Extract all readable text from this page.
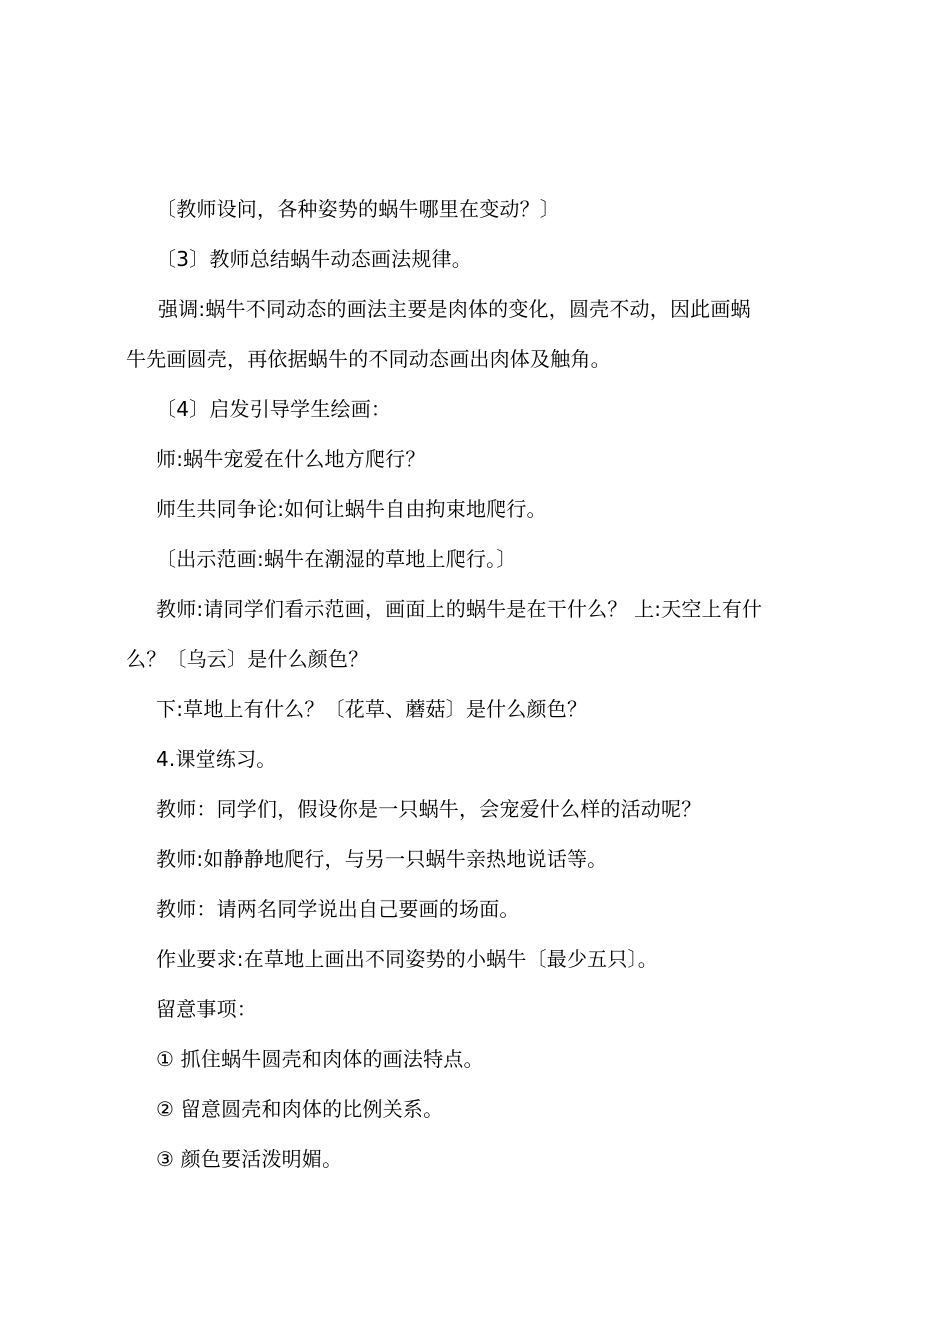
〔教师设问，各种姿势的蜗牛哪里在变动？〕
〔3〕教师总结蜗牛动态画法规律。
强调:蜗牛不同动态的画法主要是肉体的变化，圆壳不动，因此画蜗
牛先画圆壳，再依据蜗牛的不同动态画出肉体及触角。
〔4〕启发引导学生绘画：
师:蜗牛宠爱在什么地方爬行？
师生共同争论:如何让蜗牛自由拘束地爬行。
〔出示范画:蜗牛在潮湿的草地上爬行。〕
教师:请同学们看示范画，画面上的蜗牛是在干什么？ 上:天空上有什
么？〔乌云〕是什么颜色？
下:草地上有什么？〔花草、蘑菇〕是什么颜色？
4.课堂练习。
教师：同学们，假设你是一只蜗牛，会宠爱什么样的活动呢？
教师:如静静地爬行，与另一只蜗牛亲热地说话等。
教师：请两名同学说出自己要画的场面。
作业要求:在草地上画出不同姿势的小蜗牛〔最少五只〕。
留意事项：
① 抓住蜗牛圆壳和肉体的画法特点。
② 留意圆壳和肉体的比例关系。
③ 颜色要活泼明媚。
